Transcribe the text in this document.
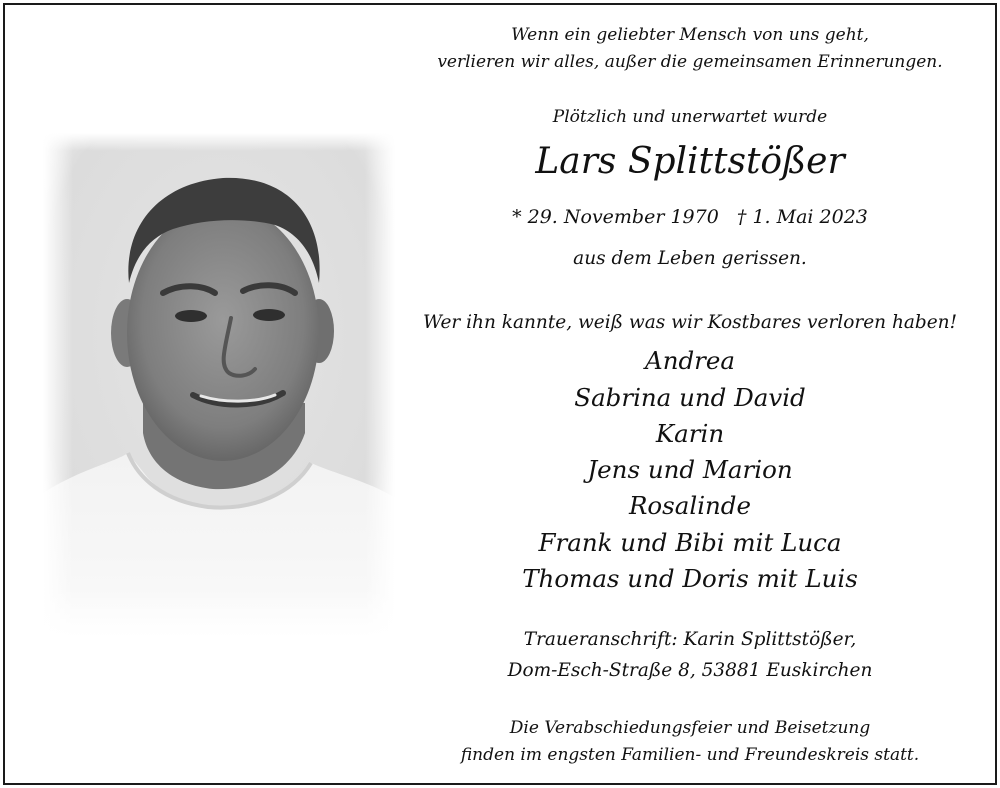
Wenn ein geliebter Mensch von uns geht,
verlieren wir alles, außer die gemeinsamen Erinnerungen.
Plötzlich und unerwartet wurde
Lars Splittstößer
* 29. November 1970   † 1. Mai 2023
aus dem Leben gerissen.
Wer ihn kannte, weiß was wir Kostbares verloren haben!
Andrea
Sabrina und David
Karin
Jens und Marion
Rosalinde
Frank und Bibi mit Luca
Thomas und Doris mit Luis
Traueranschrift: Karin Splittstößer,
Dom-Esch-Straße 8, 53881 Euskirchen
Die Verabschiedungsfeier und Beisetzung
finden im engsten Familien- und Freundeskreis statt.
